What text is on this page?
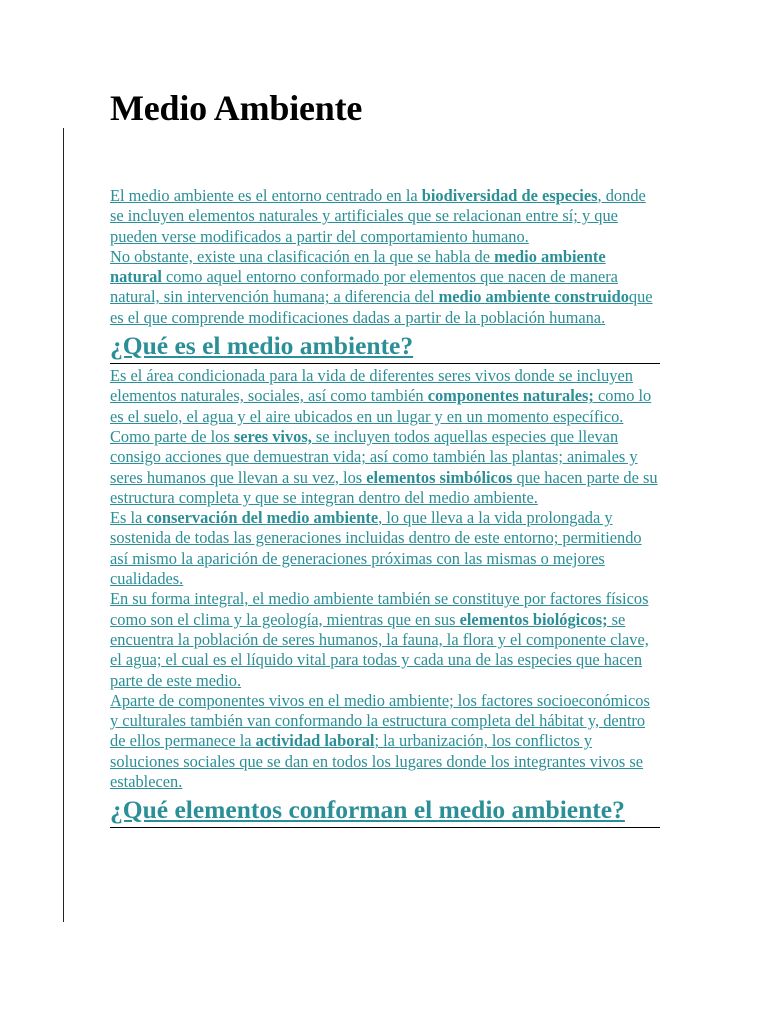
Medio Ambiente

El medio ambiente es el entorno centrado en la biodiversidad de especies, donde se incluyen elementos naturales y artificiales que se relacionan entre sí; y que pueden verse modificados a partir del comportamiento humano.

No obstante, existe una clasificación en la que se habla de medio ambiente natural como aquel entorno conformado por elementos que nacen de manera natural, sin intervención humana; a diferencia del medio ambiente construidoque es el que comprende modificaciones dadas a partir de la población humana.

¿Qué es el medio ambiente?

Es el área condicionada para la vida de diferentes seres vivos donde se incluyen elementos naturales, sociales, así como también componentes naturales; como lo es el suelo, el agua y el aire ubicados en un lugar y en un momento específico.

Como parte de los seres vivos, se incluyen todos aquellas especies que llevan consigo acciones que demuestran vida; así como también las plantas; animales y seres humanos que llevan a su vez, los elementos simbólicos que hacen parte de su estructura completa y que se integran dentro del medio ambiente.

Es la conservación del medio ambiente, lo que lleva a la vida prolongada y sostenida de todas las generaciones incluidas dentro de este entorno; permitiendo así mismo la aparición de generaciones próximas con las mismas o mejores cualidades.

En su forma integral, el medio ambiente también se constituye por factores físicos como son el clima y la geología, mientras que en sus elementos biológicos; se encuentra la población de seres humanos, la fauna, la flora y el componente clave, el agua; el cual es el líquido vital para todas y cada una de las especies que hacen parte de este medio.

Aparte de componentes vivos en el medio ambiente; los factores socioeconómicos y culturales también van conformando la estructura completa del hábitat y, dentro de ellos permanece la actividad laboral; la urbanización, los conflictos y soluciones sociales que se dan en todos los lugares donde los integrantes vivos se establecen.

¿Qué elementos conforman el medio ambiente?
